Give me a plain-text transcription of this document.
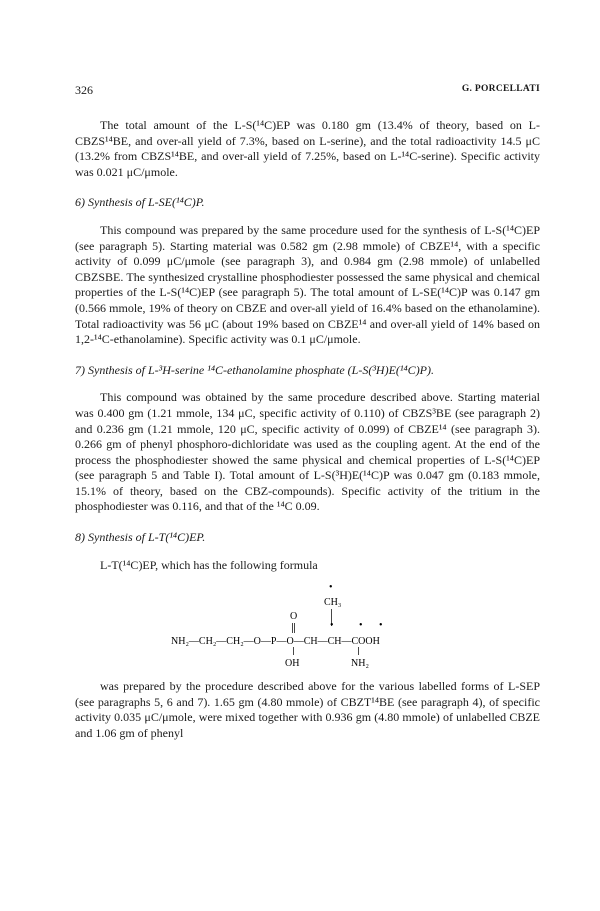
326	G. PORCELLATI

The total amount of the L-S(¹⁴C)EP was 0.180 gm (13.4% of theory, based on L-CBZS¹⁴BE, and over-all yield of 7.3%, based on L-serine), and the total radioactivity 14.5 μC (13.2% from CBZS¹⁴BE, and over-all yield of 7.25%, based on L-¹⁴C-serine). Specific activity was 0.021 μC/μmole.

6) Synthesis of L-SE(¹⁴C)P.

This compound was prepared by the same procedure used for the synthesis of L-S(¹⁴C)EP (see paragraph 5). Starting material was 0.582 gm (2.98 mmole) of CBZE¹⁴, with a specific activity of 0.099 μC/μmole (see paragraph 3), and 0.984 gm (2.98 mmole) of unlabelled CBZSBE. The synthesized crystalline phosphodiester possessed the same physical and chemical properties of the L-S(¹⁴C)EP (see paragraph 5). The total amount of L-SE(¹⁴C)P was 0.147 gm (0.566 mmole, 19% of theory on CBZE and over-all yield of 16.4% based on the ethanolamine). Total radioactivity was 56 μC (about 19% based on CBZE¹⁴ and over-all yield of 14% based on 1,2-¹⁴C-ethanolamine). Specific activity was 0.1 μC/μmole.

7) Synthesis of L-³H-serine ¹⁴C-ethanolamine phosphate (L-S(³H)E(¹⁴C)P).

This compound was obtained by the same procedure described above. Starting material was 0.400 gm (1.21 mmole, 134 μC, specific activity of 0.110) of CBZS³BE (see paragraph 2) and 0.236 gm (1.21 mmole, 120 μC, specific activity of 0.099) of CBZE¹⁴ (see paragraph 3). 0.266 gm of phenyl phosphoro-dichloridate was used as the coupling agent. At the end of the process the phosphodiester showed the same physical and chemical properties of L-S(¹⁴C)EP (see paragraph 5 and Table I). Total amount of L-S(³H)E(¹⁴C)P was 0.047 gm (0.183 mmole, 15.1% of theory, based on the CBZ-compounds). Specific activity of the tritium in the phosphodiester was 0.116, and that of the ¹⁴C 0.09.

8) Synthesis of L-T(¹⁴C)EP.

L-T(¹⁴C)EP, which has the following formula

•
CH₃
O
•	• •
NH₂—CH₂—CH₂—O—P—O—CH—CH—COOH
OH	NH₂

was prepared by the procedure described above for the various labelled forms of L-SEP (see paragraphs 5, 6 and 7). 1.65 gm (4.80 mmole) of CBZT¹⁴BE (see paragraph 4), of specific activity 0.035 μC/μmole, were mixed together with 0.936 gm (4.80 mmole) of unlabelled CBZE and 1.06 gm of phenyl
